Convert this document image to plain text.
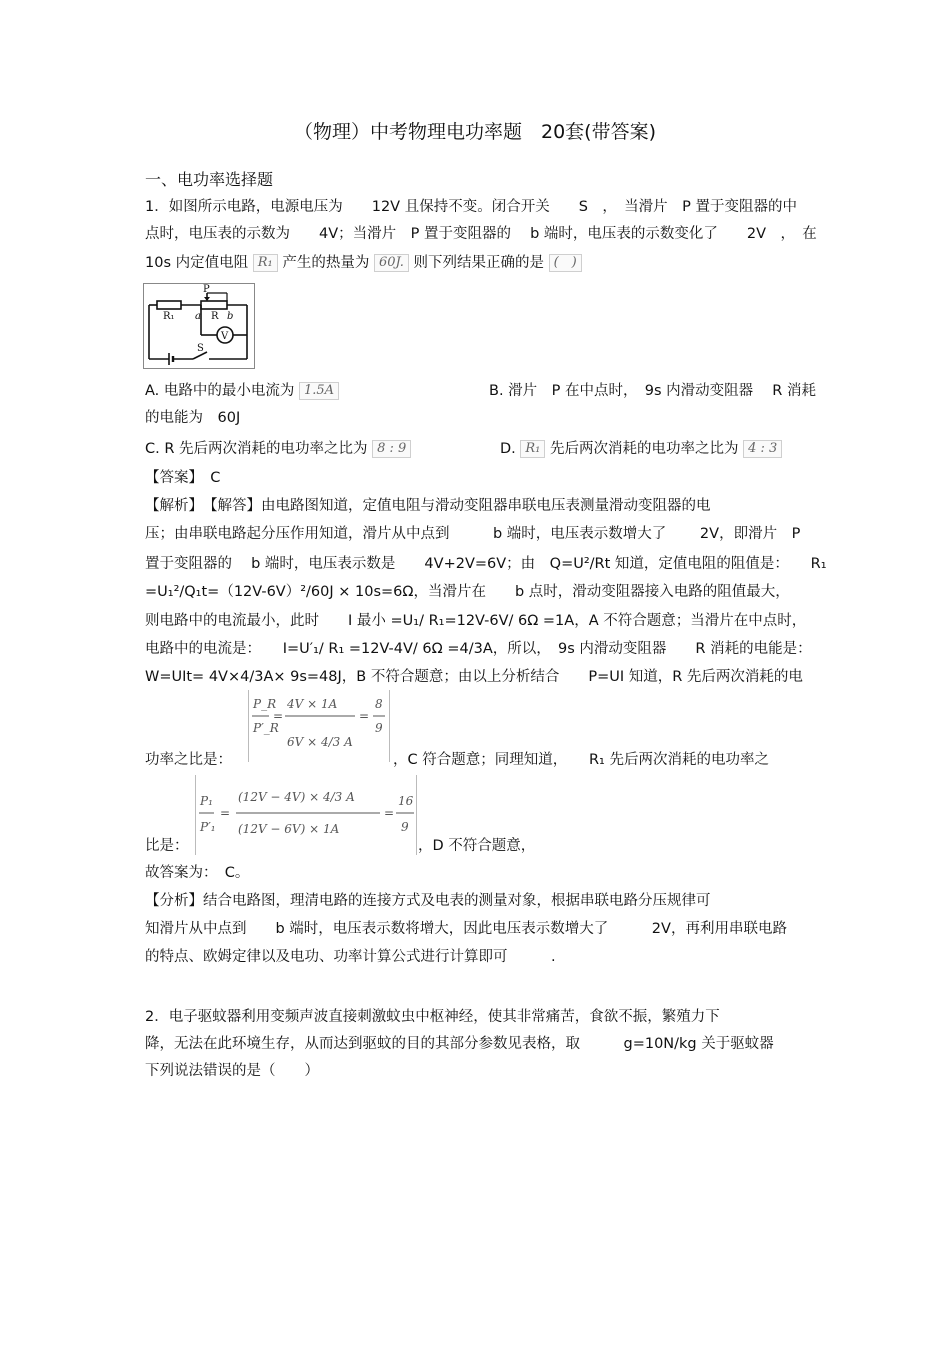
（物理）中考物理电功率题　20套(带答案)
一、电功率选择题
1．如图所示电路，电源电压为　　12V 且保持不变。闭合开关　　S　，　当滑片　P 置于变阻器的中
点时，电压表的示数为　　4V；当滑片　P 置于变阻器的　 b 端时，电压表的示数变化了　　2V　，　在
10s 内定值电阻 R₁ 产生的热量为 60J. 则下列结果正确的是 (　)
R₁
P
a R b
V
S
A. 电路中的最小电流为 1.5A	B. 滑片　P 在中点时，　9s 内滑动变阻器　 R 消耗
的电能为　60J
C. R 先后两次消耗的电功率之比为 8 : 9	D. R₁ 先后两次消耗的电功率之比为 4 : 3
【答案】　C
【解析】　【解答】由电路图知道，定值电阻与滑动变阻器串联电压表测量滑动变阻器的电
压；由串联电路起分压作用知道，滑片从中点到　　　b 端时，电压表示数增大了　　 2V，即滑片　P
置于变阻器的　 b 端时，电压表示数是　　4V+2V=6V；由　Q=U²/Rt 知道，定值电阻的阻值是：　　R₁
=U₁²/Q₁t=（12V-6V）²/60J × 10s=6Ω，当滑片在　　b 点时，滑动变阻器接入电路的阻值最大，
则电路中的电流最小，此时　　I 最小 =U₁/ R₁=12V-6V/ 6Ω =1A，A 不符合题意；当滑片在中点时，
电路中的电流是：　　I=U′₁/ R₁ =12V-4V/ 6Ω =4/3A，所以，　9s 内滑动变阻器　　R 消耗的电能是：
W=UIt= 4V×4/3A× 9s=48J，B 不符合题意；由以上分析结合　　P=UI 知道，R 先后两次消耗的电
P_R
P′_R
=
4V × 1A
6V × 4/3 A
=
8
9
功率之比是：	，C 符合题意；同理知道，　　R₁ 先后两次消耗的电功率之
P₁
P′₁
=
(12V − 4V) × 4/3 A
(12V − 6V) × 1A
=
16
9
比是：	，D 不符合题意，
故答案为：　C。
【分析】结合电路图，理清电路的连接方式及电表的测量对象，根据串联电路分压规律可
知滑片从中点到　　b 端时，电压表示数将增大，因此电压表示数增大了　　　2V，再利用串联电路
的特点、欧姆定律以及电功、功率计算公式进行计算即可　　　.
2．电子驱蚊器利用变频声波直接刺激蚊虫中枢神经，使其非常痛苦，食欲不振，繁殖力下
降，无法在此环境生存，从而达到驱蚊的目的其部分参数见表格，取　　　g=10N/kg 关于驱蚊器
下列说法错误的是（　　）
